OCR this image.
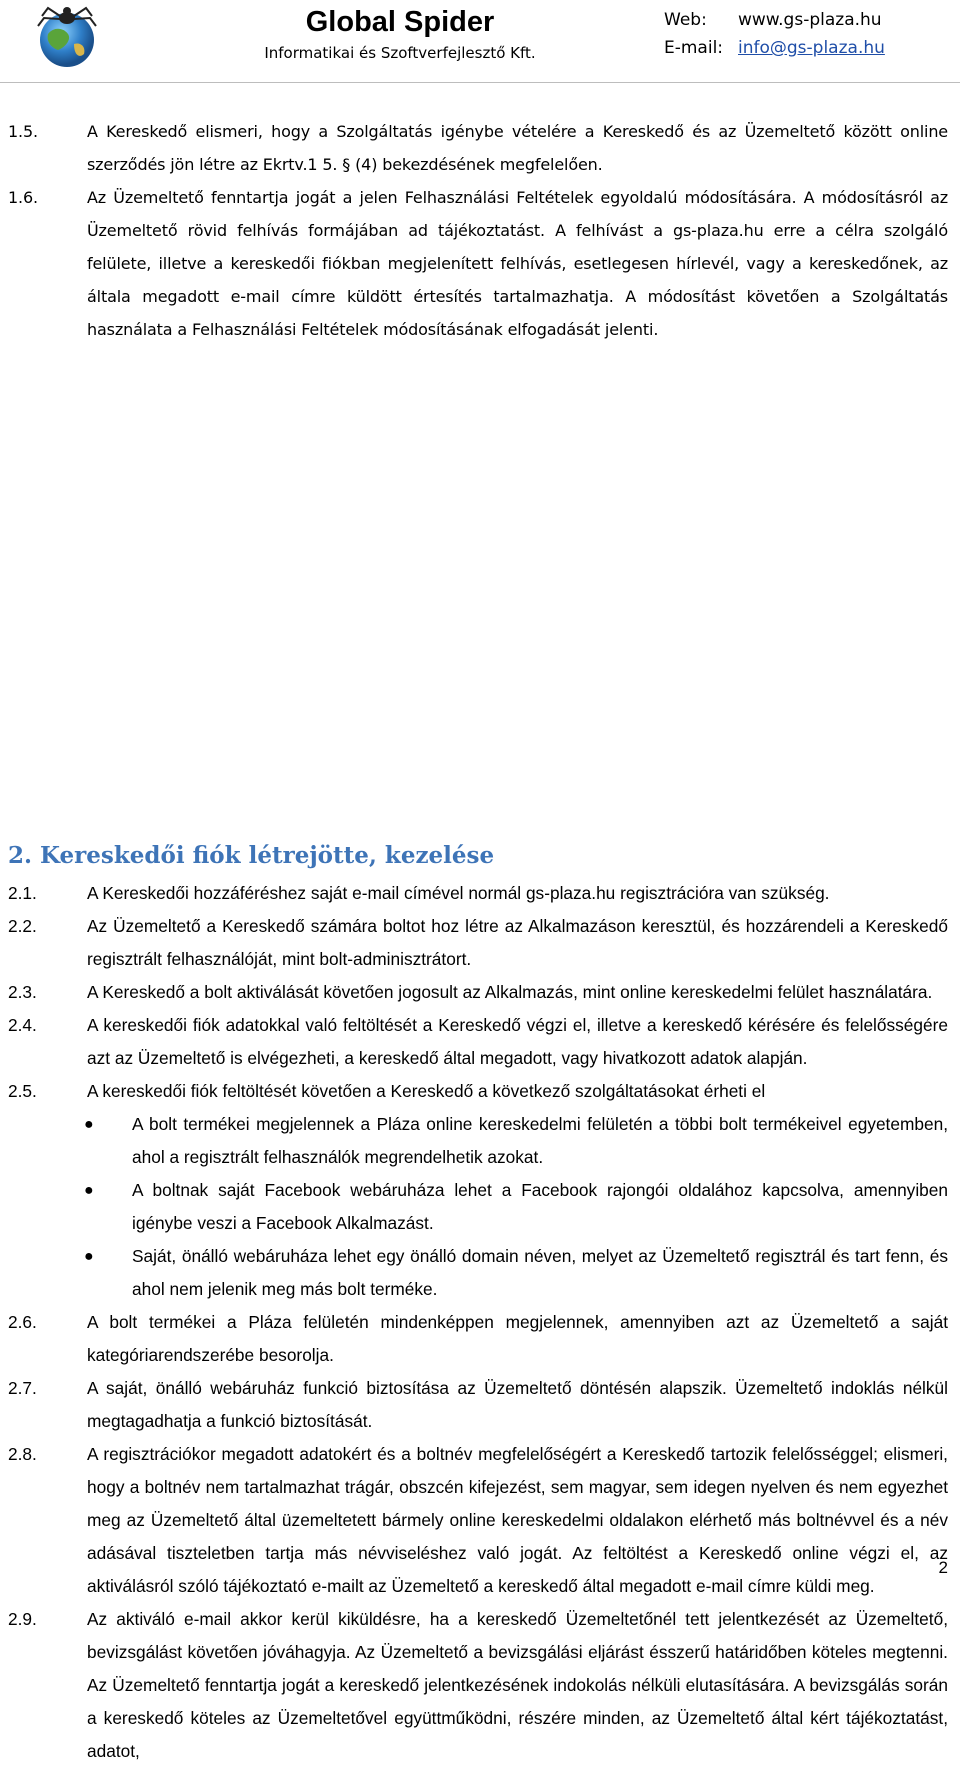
Global Spider
Informatikai és Szoftverfejlesztő Kft.
Web:	www.gs-plaza.hu
E-mail: info@gs-plaza.hu
1.5.	A Kereskedő elismeri, hogy a Szolgáltatás igénybe vételére a Kereskedő és az Üzemeltető között online szerződés jön létre az Ekrtv.1 5. § (4) bekezdésének megfelelően.
1.6.	Az Üzemeltető fenntartja jogát a jelen Felhasználási Feltételek egyoldalú módosítására. A módosításról az Üzemeltető rövid felhívás formájában ad tájékoztatást. A felhívást a gs-plaza.hu erre a célra szolgáló felülete, illetve a kereskedői fiókban megjelenített felhívás, esetlegesen hírlevél, vagy a kereskedőnek, az általa megadott e-mail címre küldött értesítés tartalmazhatja. A módosítást követően a Szolgáltatás használata a Felhasználási Feltételek módosításának elfogadását jelenti.
2. Kereskedői fiók létrejötte, kezelése
2.1.	A Kereskedői hozzáféréshez saját e-mail címével normál gs-plaza.hu regisztrációra van szükség.
2.2.	Az Üzemeltető a Kereskedő számára boltot hoz létre az Alkalmazáson keresztül, és hozzárendeli a Kereskedő regisztrált felhasználóját, mint bolt-adminisztrátort.
2.3.	A Kereskedő a bolt aktiválását követően jogosult az Alkalmazás, mint online kereskedelmi felület használatára.
2.4.	A kereskedői fiók adatokkal való feltöltését a Kereskedő végzi el, illetve a kereskedő kérésére és felelősségére azt az Üzemeltető is elvégezheti, a kereskedő által megadott, vagy hivatkozott adatok alapján.
2.5.	A kereskedői fiók feltöltését követően a Kereskedő a következő szolgáltatásokat érheti el
● A bolt termékei megjelennek a Pláza online kereskedelmi felületén a többi bolt termékeivel egyetemben, ahol a regisztrált felhasználók megrendelhetik azokat.
● A boltnak saját Facebook webáruháza lehet a Facebook rajongói oldalához kapcsolva, amennyiben igénybe veszi a Facebook Alkalmazást.
● Saját, önálló webáruháza lehet egy önálló domain néven, melyet az Üzemeltető regisztrál és tart fenn, és ahol nem jelenik meg más bolt terméke.
2.6.	A bolt termékei a Pláza felületén mindenképpen megjelennek, amennyiben azt az Üzemeltető a saját kategóriarendszerébe besorolja.
2.7.	A saját, önálló webáruház funkció biztosítása az Üzemeltető döntésén alapszik. Üzemeltető indoklás nélkül megtagadhatja a funkció biztosítását.
2.8.	A regisztrációkor megadott adatokért és a boltnév megfelelőségért a Kereskedő tartozik felelősséggel; elismeri, hogy a boltnév nem tartalmazhat trágár, obszcén kifejezést, sem magyar, sem idegen nyelven és nem egyezhet meg az Üzemeltető által üzemeltetett bármely online kereskedelmi oldalakon elérhető más boltnévvel és a név adásával tiszteletben tartja más névviseléshez való jogát. Az feltöltést a Kereskedő online végzi el, az aktiválásról szóló tájékoztató e-mailt az Üzemeltető a kereskedő által megadott e-mail címre küldi meg.
2.9.	Az aktiváló e-mail akkor kerül kiküldésre, ha a kereskedő Üzemeltetőnél tett jelentkezését az Üzemeltető, bevizsgálást követően jóváhagyja. Az Üzemeltető a bevizsgálási eljárást ésszerű határidőben köteles megtenni. Az Üzemeltető fenntartja jogát a kereskedő jelentkezésének indokolás nélküli elutasítására. A bevizsgálás során a kereskedő köteles az Üzemeltetővel együttműködni, részére minden, az Üzemeltető által kért tájékoztatást, adatot,
2
